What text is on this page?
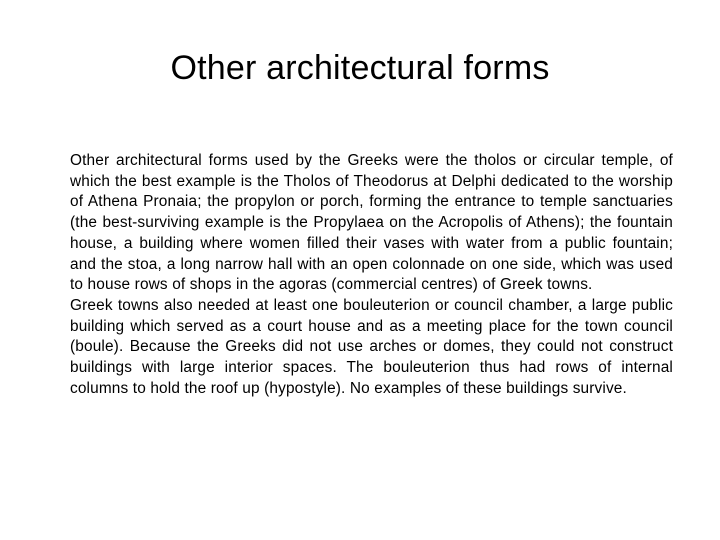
Other architectural forms

Other architectural forms used by the Greeks were the tholos or circular temple, of which the best example is the Tholos of Theodorus at Delphi dedicated to the worship of Athena Pronaia; the propylon or porch, forming the entrance to temple sanctuaries (the best-surviving example is the Propylaea on the Acropolis of Athens); the fountain house, a building where women filled their vases with water from a public fountain; and the stoa, a long narrow hall with an open colonnade on one side, which was used to house rows of shops in the agoras (commercial centres) of Greek towns.

Greek towns also needed at least one bouleuterion or council chamber, a large public building which served as a court house and as a meeting place for the town council (boule). Because the Greeks did not use arches or domes, they could not construct buildings with large interior spaces. The bouleuterion thus had rows of internal columns to hold the roof up (hypostyle). No examples of these buildings survive.
